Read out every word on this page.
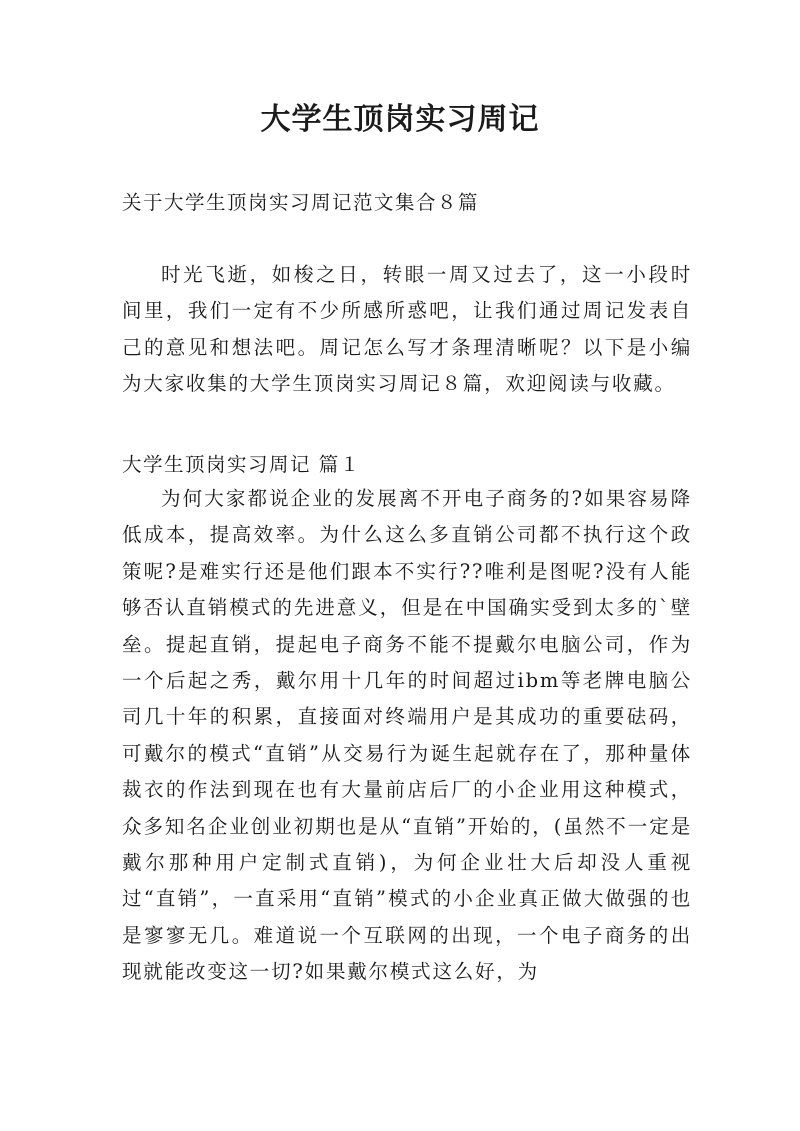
大学生顶岗实习周记
关于大学生顶岗实习周记范文集合８篇

时光飞逝，如梭之日，转眼一周又过去了，这一小段时间里，我们一定有不少所感所惑吧，让我们通过周记发表自己的意见和想法吧。周记怎么写才条理清晰呢？以下是小编为大家收集的大学生顶岗实习周记８篇，欢迎阅读与收藏。

大学生顶岗实习周记 篇１

为何大家都说企业的发展离不开电子商务的?如果容易降低成本，提高效率。为什么这么多直销公司都不执行这个政策呢?是难实行还是他们跟本不实行??唯利是图呢?没有人能够否认直销模式的先进意义，但是在中国确实受到太多的`壁垒。提起直销，提起电子商务不能不提戴尔电脑公司，作为一个后起之秀，戴尔用十几年的时间超过ibm等老牌电脑公司几十年的积累，直接面对终端用户是其成功的重要砝码，可戴尔的模式“直销”从交易行为诞生起就存在了，那种量体裁衣的作法到现在也有大量前店后厂的小企业用这种模式，众多知名企业创业初期也是从“直销”开始的，(虽然不一定是戴尔那种用户定制式直销)，为何企业壮大后却没人重视过“直销”，一直采用“直销”模式的小企业真正做大做强的也是寥寥无几。难道说一个互联网的出现，一个电子商务的出现就能改变这一切?如果戴尔模式这么好，为
